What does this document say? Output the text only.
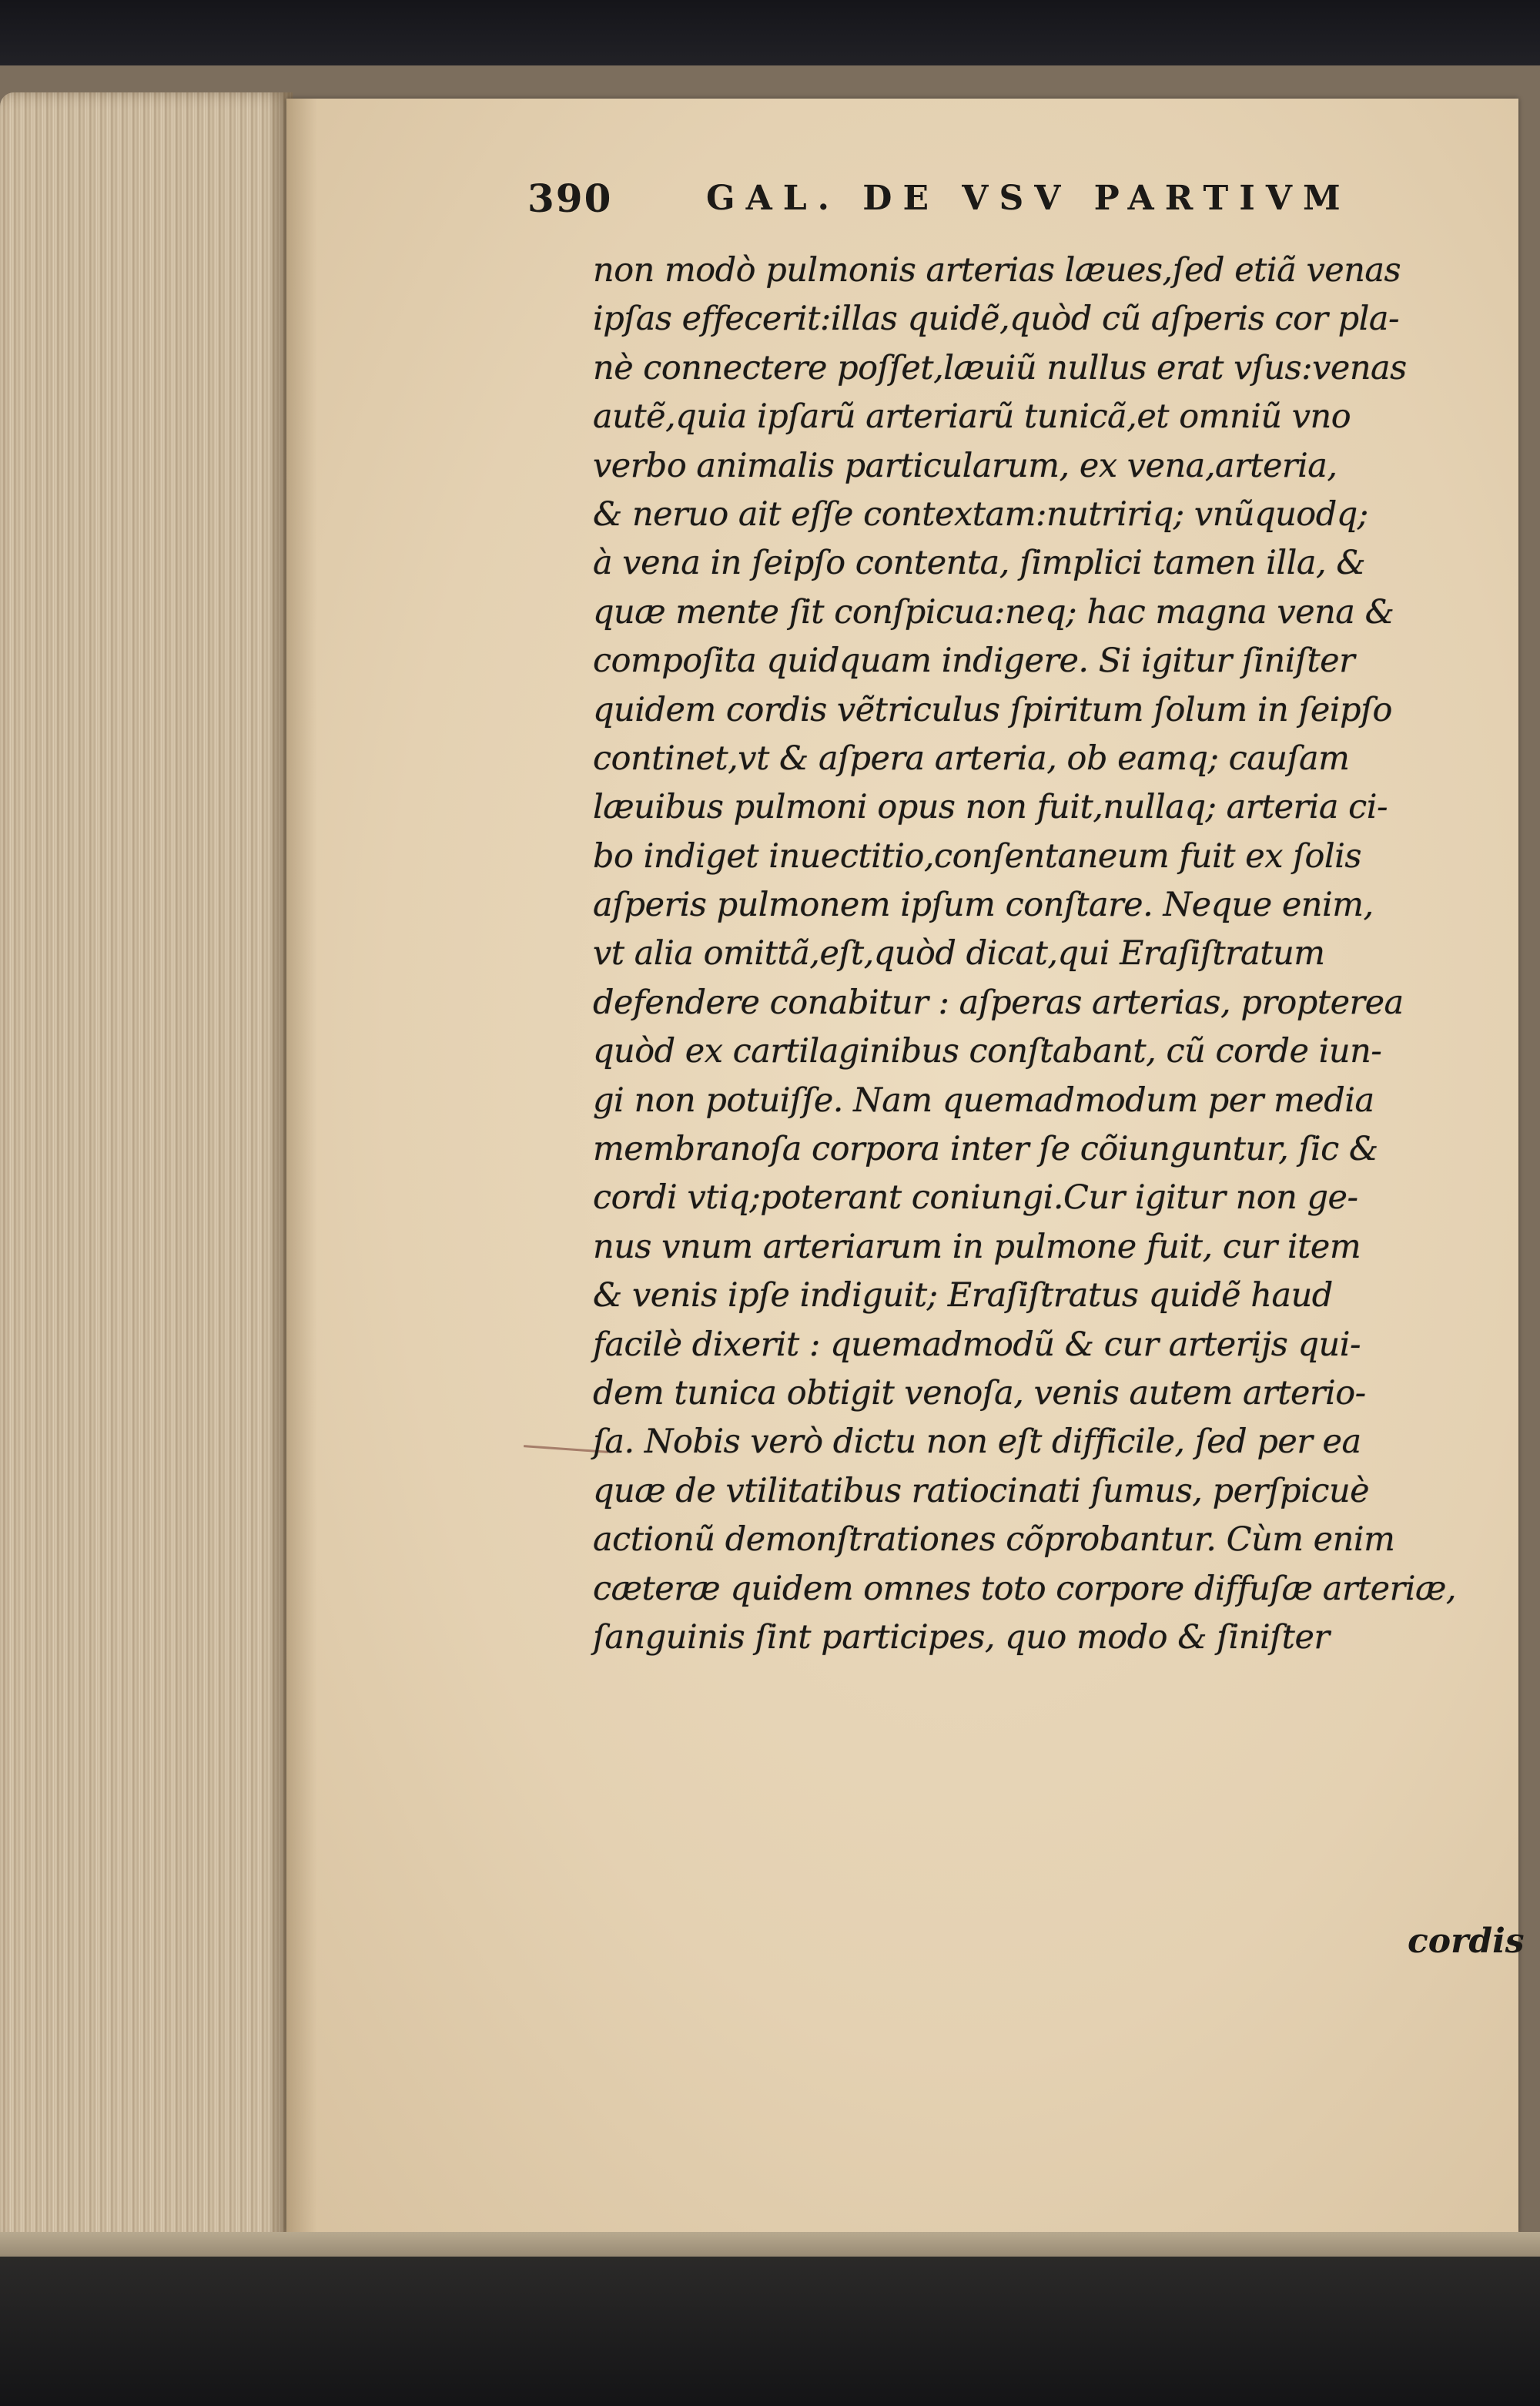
390	GAL. DE VSV PARTIVM
non modò pulmonis arterias læues,ſed etiã venas
ipſas effecerit:illas quidẽ,quòd cũ aſperis cor pla-
nè connectere poſſet,læuiũ nullus erat vſus:venas
autẽ,quia ipſarũ arteriarũ tunicã,et omniũ vno
verbo animalis particularum, ex vena,arteria,
& neruo ait eſſe contextam:nutririq; vnũquodq;
à vena in ſeipſo contenta, ſimplici tamen illa, &
quæ mente ſit conſpicua:neq; hac magna vena &
compoſita quidquam indigere. Si igitur ſiniſter
quidem cordis vẽtriculus ſpiritum ſolum in ſeipſo
continet,vt & aſpera arteria, ob eamq; cauſam
læuibus pulmoni opus non fuit,nullaq; arteria ci-
bo indiget inuectitio,conſentaneum fuit ex ſolis
aſperis pulmonem ipſum conſtare. Neque enim,
vt alia omittã,eſt,quòd dicat,qui Eraſiſtratum
defendere conabitur : aſperas arterias, propterea
quòd ex cartilaginibus conſtabant, cũ corde iun-
gi non potuiſſe. Nam quemadmodum per media
membranoſa corpora inter ſe cõiunguntur, ſic &
cordi vtiq;poterant coniungi.Cur igitur non ge-
nus vnum arteriarum in pulmone fuit, cur item
& venis ipſe indiguit; Eraſiſtratus quidẽ haud
facilè dixerit : quemadmodũ & cur arterijs qui-
dem tunica obtigit venoſa, venis autem arterio-
ſa. Nobis verò dictu non eſt difficile, ſed per ea
quæ de vtilitatibus ratiocinati ſumus, perſpicuè
actionũ demonſtrationes cõprobantur. Cùm enim
cæteræ quidem omnes toto corpore diffuſæ arteriæ,
ſanguinis ſint participes, quo modo & ſiniſter
cordis
